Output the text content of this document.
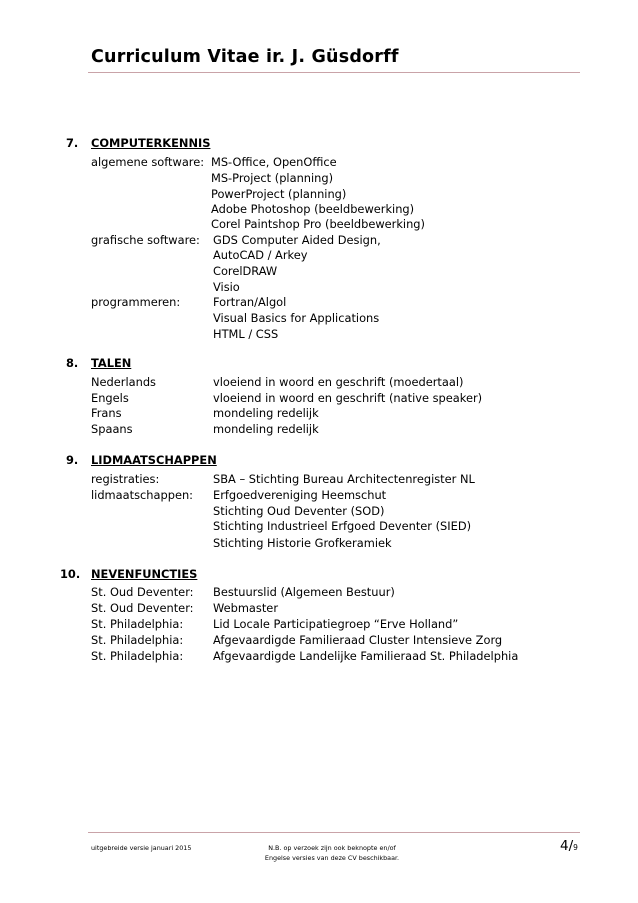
Curriculum Vitae ir. J. Güsdorff
7. COMPUTERKENNIS
algemene software: MS-Office, OpenOffice
MS-Project (planning)
PowerProject (planning)
Adobe Photoshop (beeldbewerking)
Corel Paintshop Pro (beeldbewerking)
grafische software: GDS Computer Aided Design,
AutoCAD / Arkey
CorelDRAW
Visio
programmeren:	Fortran/Algol
Visual Basics for Applications
HTML / CSS
8. TALEN
Nederlands	vloeiend in woord en geschrift (moedertaal)
Engels	vloeiend in woord en geschrift (native speaker)
Frans	mondeling redelijk
Spaans	mondeling redelijk
9. LIDMAATSCHAPPEN
registraties:	SBA – Stichting Bureau Architectenregister NL
lidmaatschappen: Erfgoedvereniging Heemschut
Stichting Oud Deventer (SOD)
Stichting Industrieel Erfgoed Deventer (SIED)
Stichting Historie Grofkeramiek
10. NEVENFUNCTIES
St. Oud Deventer: Bestuurslid (Algemeen Bestuur)
St. Oud Deventer: Webmaster
St. Philadelphia:	Lid Locale Participatiegroep “Erve Holland”
St. Philadelphia:	Afgevaardigde Familieraad Cluster Intensieve Zorg
St. Philadelphia:	Afgevaardigde Landelijke Familieraad St. Philadelphia
uitgebreide versie januari 2015	N.B. op verzoek zijn ook beknopte en/of
Engelse versies van deze CV beschikbaar.
4/9
